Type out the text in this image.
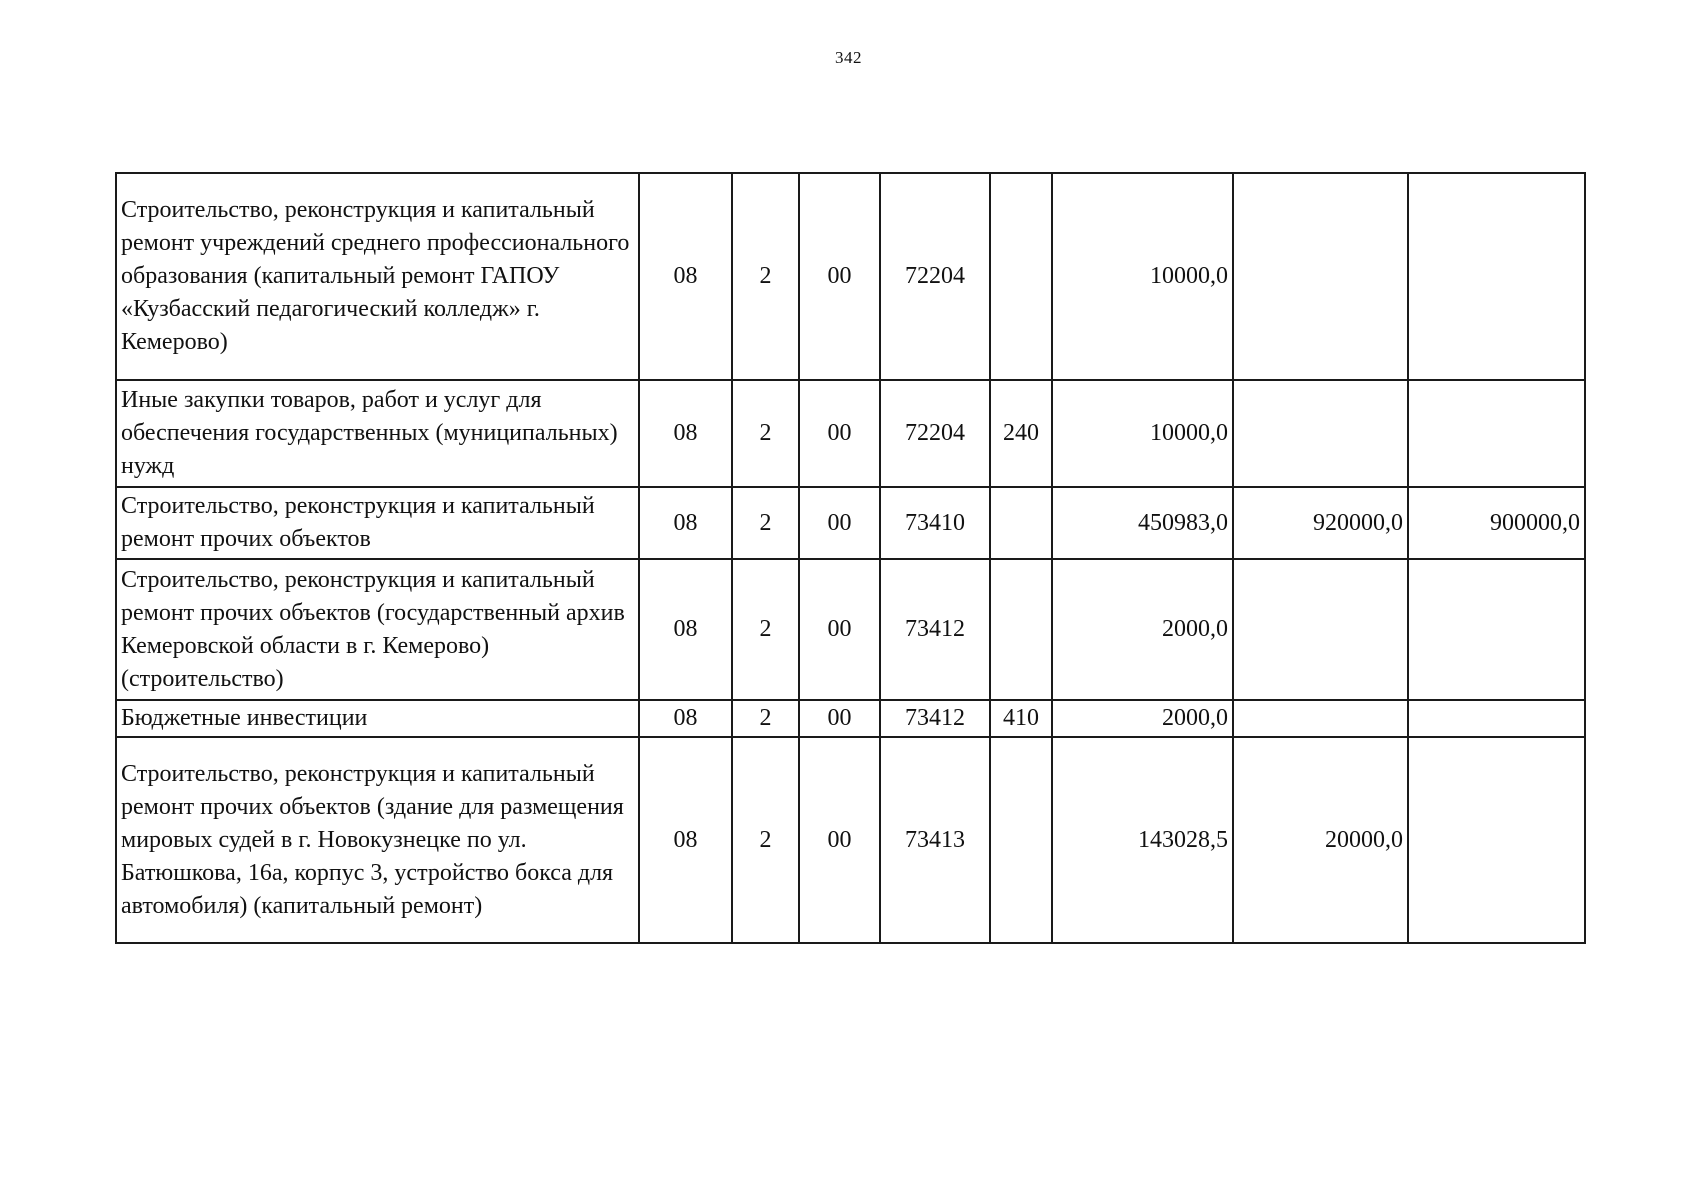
342
Строительство, реконструкция и капитальный ремонт учреждений среднего профессионального образования (капитальный ремонт ГАПОУ «Кузбасский педагогический колледж» г. Кемерово)	08	2	00	72204		10000,0		
Иные закупки товаров, работ и услуг для обеспечения государственных (муниципальных) нужд	08	2	00	72204	240	10000,0		
Строительство, реконструкция и капитальный ремонт прочих объектов	08	2	00	73410		450983,0	920000,0	900000,0
Строительство, реконструкция и капитальный ремонт прочих объектов (государственный архив Кемеровской области в г. Кемерово) (строительство)	08	2	00	73412		2000,0		
Бюджетные инвестиции	08	2	00	73412	410	2000,0		
Строительство, реконструкция и капитальный ремонт прочих объектов (здание для размещения мировых судей в г. Новокузнецке по ул. Батюшкова, 16а, корпус 3, устройство бокса для автомобиля) (капитальный ремонт)	08	2	00	73413		143028,5	20000,0	
